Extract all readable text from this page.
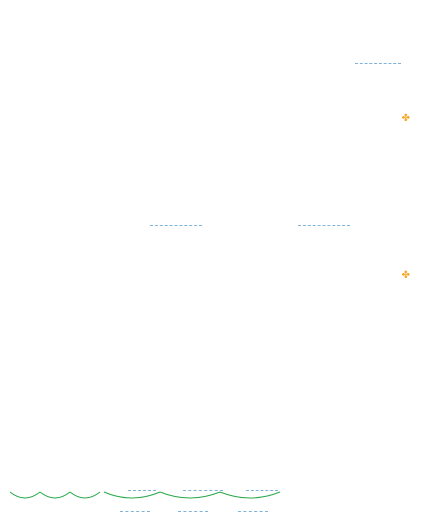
✤
✤
